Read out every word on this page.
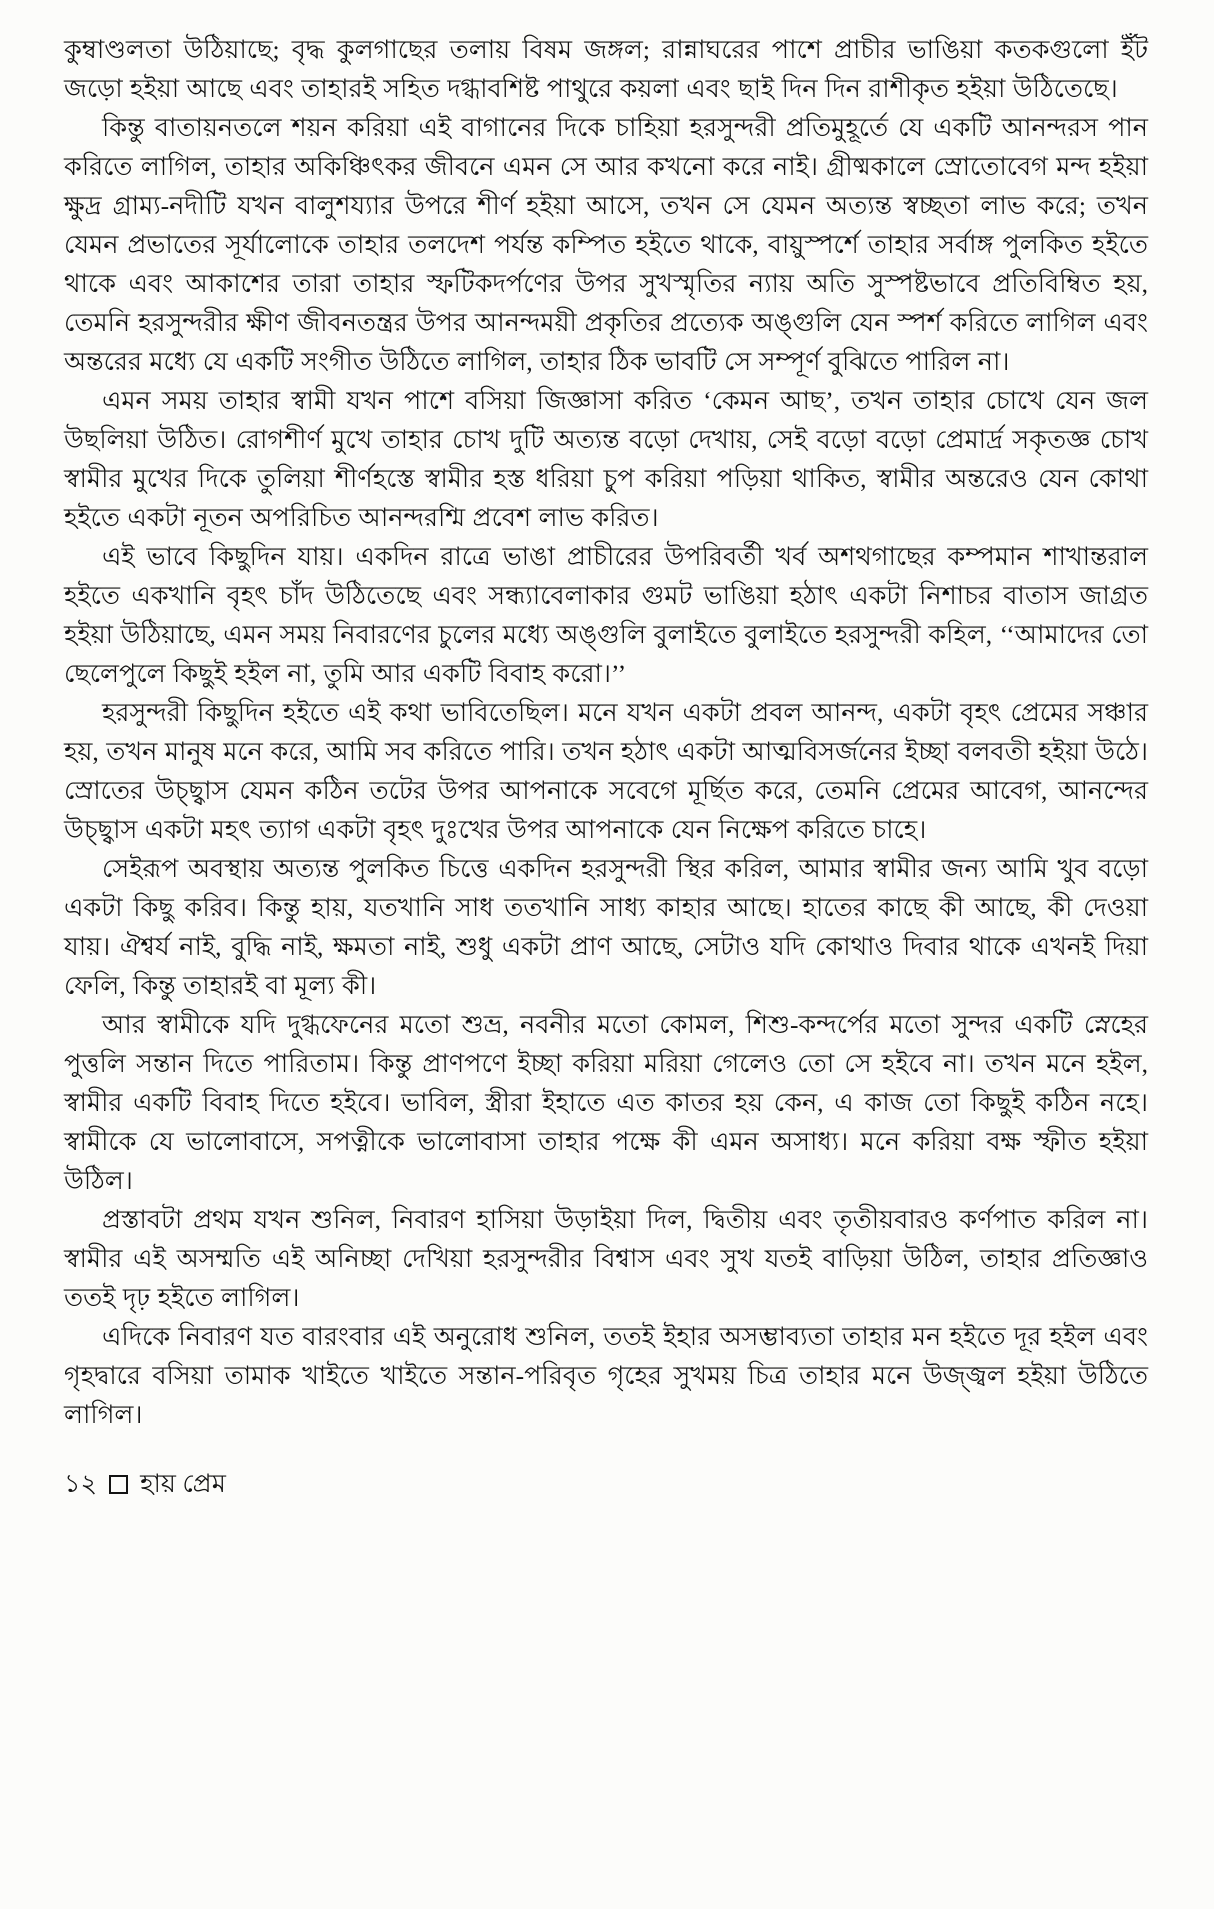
কুম্বাণ্ডলতা উঠিয়াছে; বৃদ্ধ কুলগাছের তলায় বিষম জঙ্গল; রান্নাঘরের পাশে প্রাচীর ভাঙিয়া কতকগুলো ইঁট জড়ো হইয়া আছে এবং তাহারই সহিত দগ্ধাবশিষ্ট পাথুরে কয়লা এবং ছাই দিন দিন রাশীকৃত হইয়া উঠিতেছে।

কিন্তু বাতায়নতলে শয়ন করিয়া এই বাগানের দিকে চাহিয়া হরসুন্দরী প্রতিমুহূর্তে যে একটি আনন্দরস পান করিতে লাগিল, তাহার অকিঞ্চিৎকর জীবনে এমন সে আর কখনো করে নাই। গ্রীষ্মকালে স্রোতোবেগ মন্দ হইয়া ক্ষুদ্র গ্রাম্য-নদীটি যখন বালুশয্যার উপরে শীর্ণ হইয়া আসে, তখন সে যেমন অত্যন্ত স্বচ্ছতা লাভ করে; তখন যেমন প্রভাতের সূর্যালোকে তাহার তলদেশ পর্যন্ত কম্পিত হইতে থাকে, বায়ুস্পর্শে তাহার সর্বাঙ্গ পুলকিত হইতে থাকে এবং আকাশের তারা তাহার স্ফটিকদর্পণের উপর সুখস্মৃতির ন্যায় অতি সুস্পষ্টভাবে প্রতিবিম্বিত হয়, তেমনি হরসুন্দরীর ক্ষীণ জীবনতন্ত্রর উপর আনন্দময়ী প্রকৃতির প্রত্যেক অঙ্গুলি যেন স্পর্শ করিতে লাগিল এবং অন্তরের মধ্যে যে একটি সংগীত উঠিতে লাগিল, তাহার ঠিক ভাবটি সে সম্পূর্ণ বুঝিতে পারিল না।

এমন সময় তাহার স্বামী যখন পাশে বসিয়া জিজ্ঞাসা করিত ‘কেমন আছ’, তখন তাহার চোখে যেন জল উছলিয়া উঠিত। রোগশীর্ণ মুখে তাহার চোখ দুটি অত্যন্ত বড়ো দেখায়, সেই বড়ো বড়ো প্রেমার্দ্র সকৃতজ্ঞ চোখ স্বামীর মুখের দিকে তুলিয়া শীর্ণহস্তে স্বামীর হস্ত ধরিয়া চুপ করিয়া পড়িয়া থাকিত, স্বামীর অন্তরেও যেন কোথা হইতে একটা নূতন অপরিচিত আনন্দরশ্মি প্রবেশ লাভ করিত।

এই ভাবে কিছুদিন যায়। একদিন রাত্রে ভাঙা প্রাচীরের উপরিবর্তী খর্ব অশথগাছের কম্পমান শাখান্তরাল হইতে একখানি বৃহৎ চাঁদ উঠিতেছে এবং সন্ধ্যাবেলাকার গুমট ভাঙিয়া হঠাৎ একটা নিশাচর বাতাস জাগ্রত হইয়া উঠিয়াছে, এমন সময় নিবারণের চুলের মধ্যে অঙ্গুলি বুলাইতে বুলাইতে হরসুন্দরী কহিল, ‘‘আমাদের তো ছেলেপুলে কিছুই হইল না, তুমি আর একটি বিবাহ করো।’’

হরসুন্দরী কিছুদিন হইতে এই কথা ভাবিতেছিল। মনে যখন একটা প্রবল আনন্দ, একটা বৃহৎ প্রেমের সঞ্চার হয়, তখন মানুষ মনে করে, আমি সব করিতে পারি। তখন হঠাৎ একটা আত্মবিসর্জনের ইচ্ছা বলবতী হইয়া উঠে। স্রোতের উচ্ছ্বাস যেমন কঠিন তটের উপর আপনাকে সবেগে মূর্ছিত করে, তেমনি প্রেমের আবেগ, আনন্দের উচ্ছ্বাস একটা মহৎ ত্যাগ একটা বৃহৎ দুঃখের উপর আপনাকে যেন নিক্ষেপ করিতে চাহে।

সেইরূপ অবস্থায় অত্যন্ত পুলকিত চিত্তে একদিন হরসুন্দরী স্থির করিল, আমার স্বামীর জন্য আমি খুব বড়ো একটা কিছু করিব। কিন্তু হায়, যতখানি সাধ ততখানি সাধ্য কাহার আছে। হাতের কাছে কী আছে, কী দেওয়া যায়। ঐশ্বর্য নাই, বুদ্ধি নাই, ক্ষমতা নাই, শুধু একটা প্রাণ আছে, সেটাও যদি কোথাও দিবার থাকে এখনই দিয়া ফেলি, কিন্তু তাহারই বা মূল্য কী।

আর স্বামীকে যদি দুগ্ধফেনের মতো শুভ্র, নবনীর মতো কোমল, শিশু-কন্দর্পের মতো সুন্দর একটি স্নেহের পুত্তলি সন্তান দিতে পারিতাম। কিন্তু প্রাণপণে ইচ্ছা করিয়া মরিয়া গেলেও তো সে হইবে না। তখন মনে হইল, স্বামীর একটি বিবাহ দিতে হইবে। ভাবিল, স্ত্রীরা ইহাতে এত কাতর হয় কেন, এ কাজ তো কিছুই কঠিন নহে। স্বামীকে যে ভালোবাসে, সপত্নীকে ভালোবাসা তাহার পক্ষে কী এমন অসাধ্য। মনে করিয়া বক্ষ স্ফীত হইয়া উঠিল।

প্রস্তাবটা প্রথম যখন শুনিল, নিবারণ হাসিয়া উড়াইয়া দিল, দ্বিতীয় এবং তৃতীয়বারও কর্ণপাত করিল না। স্বামীর এই অসম্মতি এই অনিচ্ছা দেখিয়া হরসুন্দরীর বিশ্বাস এবং সুখ যতই বাড়িয়া উঠিল, তাহার প্রতিজ্ঞাও ততই দৃঢ় হইতে লাগিল।

এদিকে নিবারণ যত বারংবার এই অনুরোধ শুনিল, ততই ইহার অসম্ভাব্যতা তাহার মন হইতে দূর হইল এবং গৃহদ্বারে বসিয়া তামাক খাইতে খাইতে সন্তান-পরিবৃত গৃহের সুখময় চিত্র তাহার মনে উজ্জ্বল হইয়া উঠিতে লাগিল।

১২ হায় প্রেম
